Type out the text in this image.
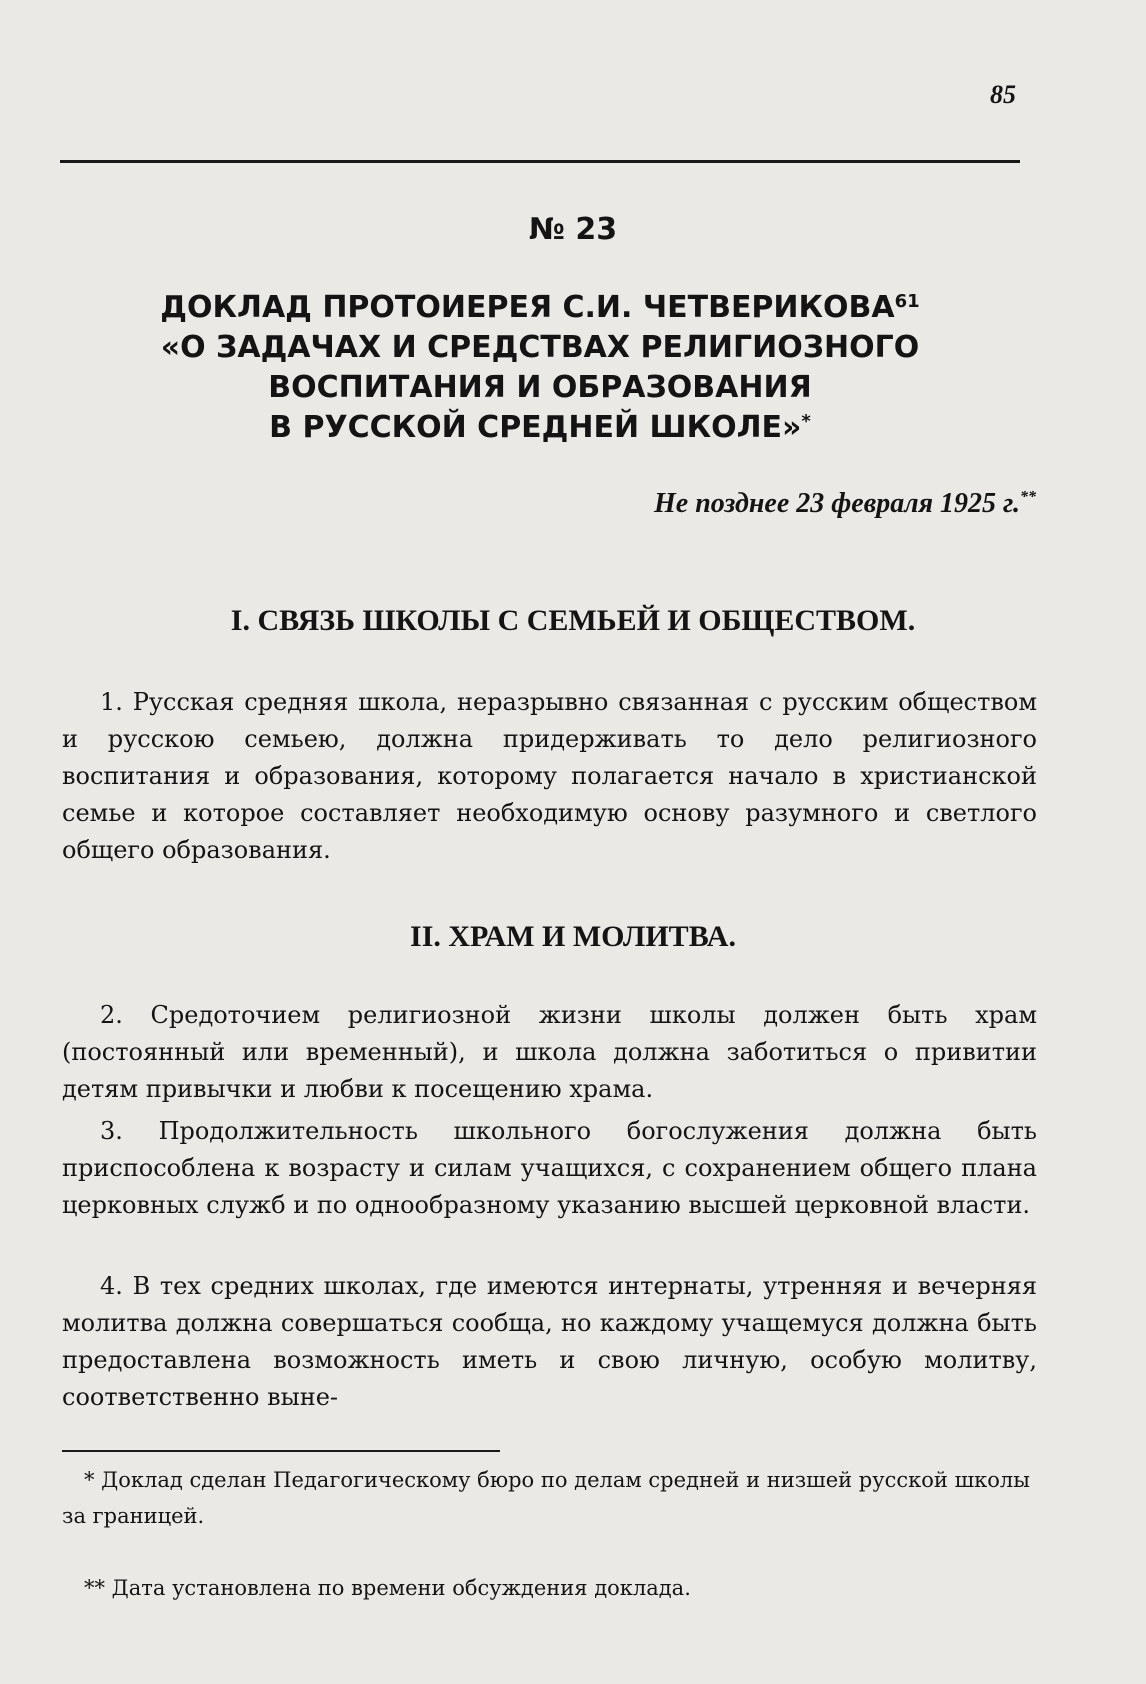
85
№ 23
ДОКЛАД ПРОТОИЕРЕЯ С.И. ЧЕТВЕРИКОВА$^{61}$
«О ЗАДАЧАХ И СРЕДСТВАХ РЕЛИГИОЗНОГО
ВОСПИТАНИЯ И ОБРАЗОВАНИЯ
В РУССКОЙ СРЕДНЕЙ ШКОЛЕ»*
Не позднее 23 февраля 1925 г.**
I. СВЯЗЬ ШКОЛЫ С СЕМЬЕЙ И ОБЩЕСТВОМ.

1. Русская средняя школа, неразрывно связанная с русским обществом и русскою семьею, должна придерживать то дело религиозного воспитания и образования, которому полагается начало в христианской семье и которое составляет необходимую основу разумного и светлого общего образования.

II. ХРАМ И МОЛИТВА.

2. Средоточием религиозной жизни школы должен быть храм (постоянный или временный), и школа должна заботиться о привитии детям привычки и любви к посещению храма.

3. Продолжительность школьного богослужения должна быть приспособлена к возрасту и силам учащихся, с сохранением общего плана церковных служб и по однообразному указанию высшей церковной власти.

4. В тех средних школах, где имеются интернаты, утренняя и вечерняя молитва должна совершаться сообща, но каждому учащемуся должна быть предоставлена возможность иметь и свою личную, особую молитву, соответственно выне-

* Доклад сделан Педагогическому бюро по делам средней и низшей русской школы за границей.

** Дата установлена по времени обсуждения доклада.
